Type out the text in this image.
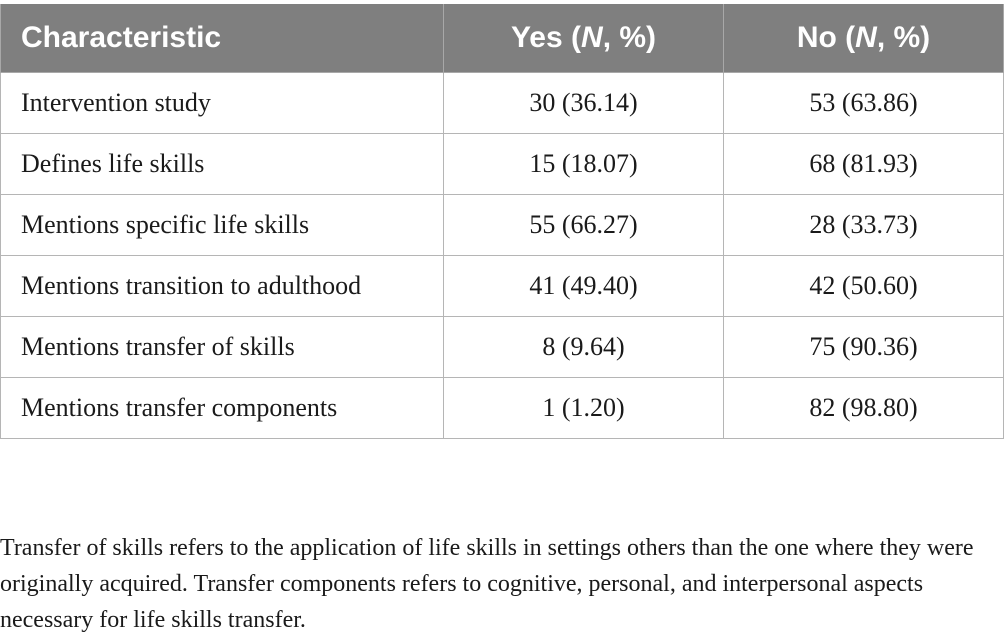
Characteristic	Yes (N, %)	No (N, %)
Intervention study	30 (36.14)	53 (63.86)
Defines life skills	15 (18.07)	68 (81.93)
Mentions specific life skills	55 (66.27)	28 (33.73)
Mentions transition to adulthood	41 (49.40)	42 (50.60)
Mentions transfer of skills	8 (9.64)	75 (90.36)
Mentions transfer components	1 (1.20)	82 (98.80)

Transfer of skills refers to the application of life skills in settings others than the one where they were originally acquired. Transfer components refers to cognitive, personal, and interpersonal aspects necessary for life skills transfer.
